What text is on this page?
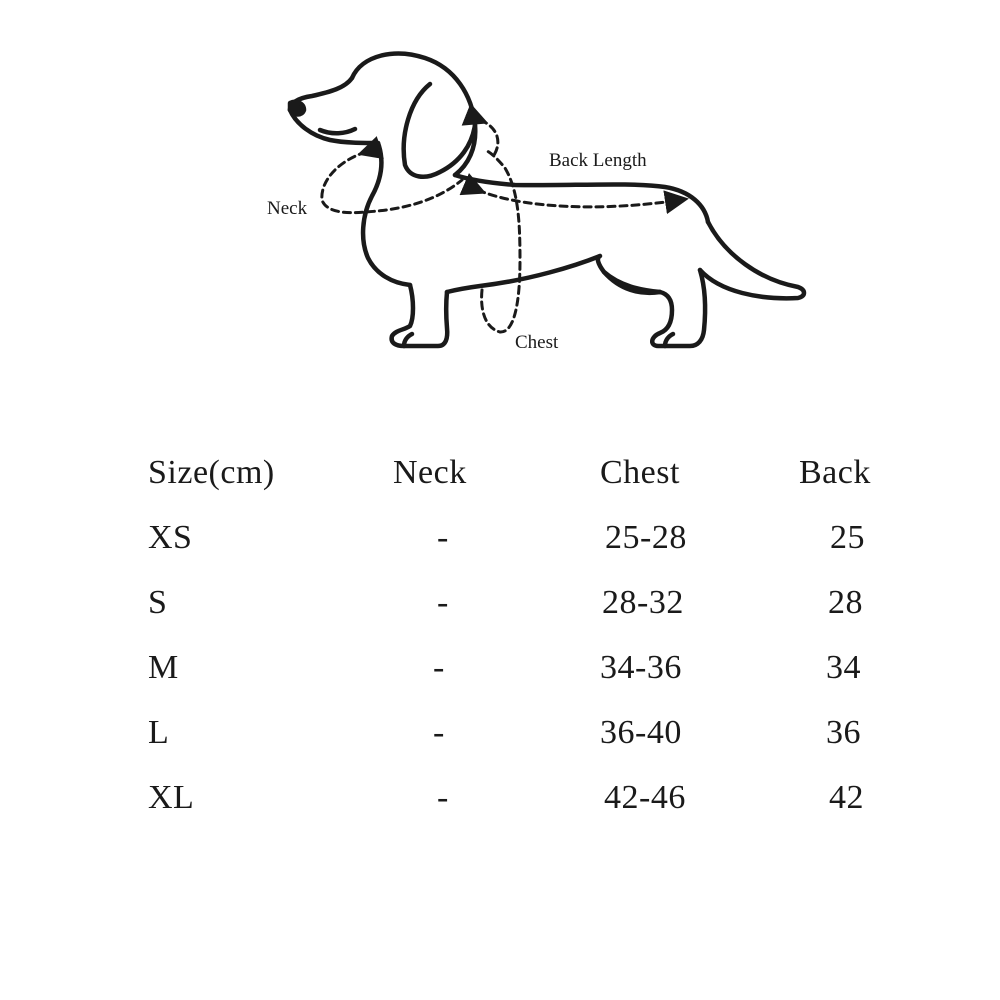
Back Length
Neck
Chest
Size(cm)	Neck	Chest	Back
XS	-	25-28	25
S	-	28-32	28
M	-	34-36	34
L	-	36-40	36
XL	-	42-46	42
